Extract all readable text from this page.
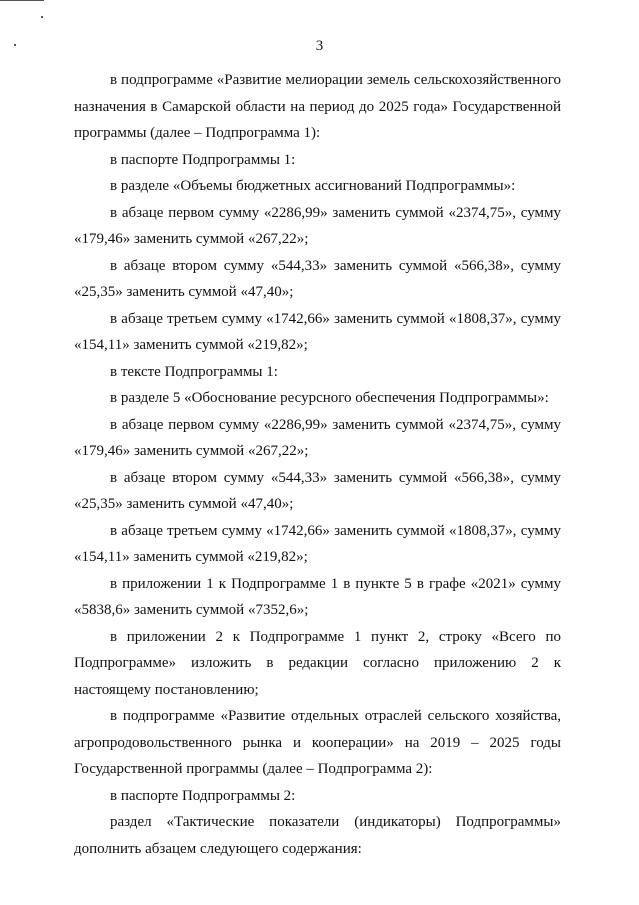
3

в подпрограмме «Развитие мелиорации земель сельскохозяйственного назначения в Самарской области на период до 2025 года» Государственной программы (далее – Подпрограмма 1):

в паспорте Подпрограммы 1:

в разделе «Объемы бюджетных ассигнований Подпрограммы»:

в абзаце первом сумму «2286,99» заменить суммой «2374,75», сумму «179,46» заменить суммой «267,22»;

в абзаце втором сумму «544,33» заменить суммой «566,38», сумму «25,35» заменить суммой «47,40»;

в абзаце третьем сумму «1742,66» заменить суммой «1808,37», сумму «154,11» заменить суммой «219,82»;

в тексте Подпрограммы 1:

в разделе 5 «Обоснование ресурсного обеспечения Подпрограммы»:

в абзаце первом сумму «2286,99» заменить суммой «2374,75», сумму «179,46» заменить суммой «267,22»;

в абзаце втором сумму «544,33» заменить суммой «566,38», сумму «25,35» заменить суммой «47,40»;

в абзаце третьем сумму «1742,66» заменить суммой «1808,37», сумму «154,11» заменить суммой «219,82»;

в приложении 1 к Подпрограмме 1 в пункте 5 в графе «2021» сумму «5838,6» заменить суммой «7352,6»;

в приложении 2 к Подпрограмме 1 пункт 2, строку «Всего по Подпрограмме» изложить в редакции согласно приложению 2 к настоящему постановлению;

в подпрограмме «Развитие отдельных отраслей сельского хозяйства, агропродовольственного рынка и кооперации» на 2019 – 2025 годы Государственной программы (далее – Подпрограмма 2):

в паспорте Подпрограммы 2:

раздел «Тактические показатели (индикаторы) Подпрограммы» дополнить абзацем следующего содержания:
